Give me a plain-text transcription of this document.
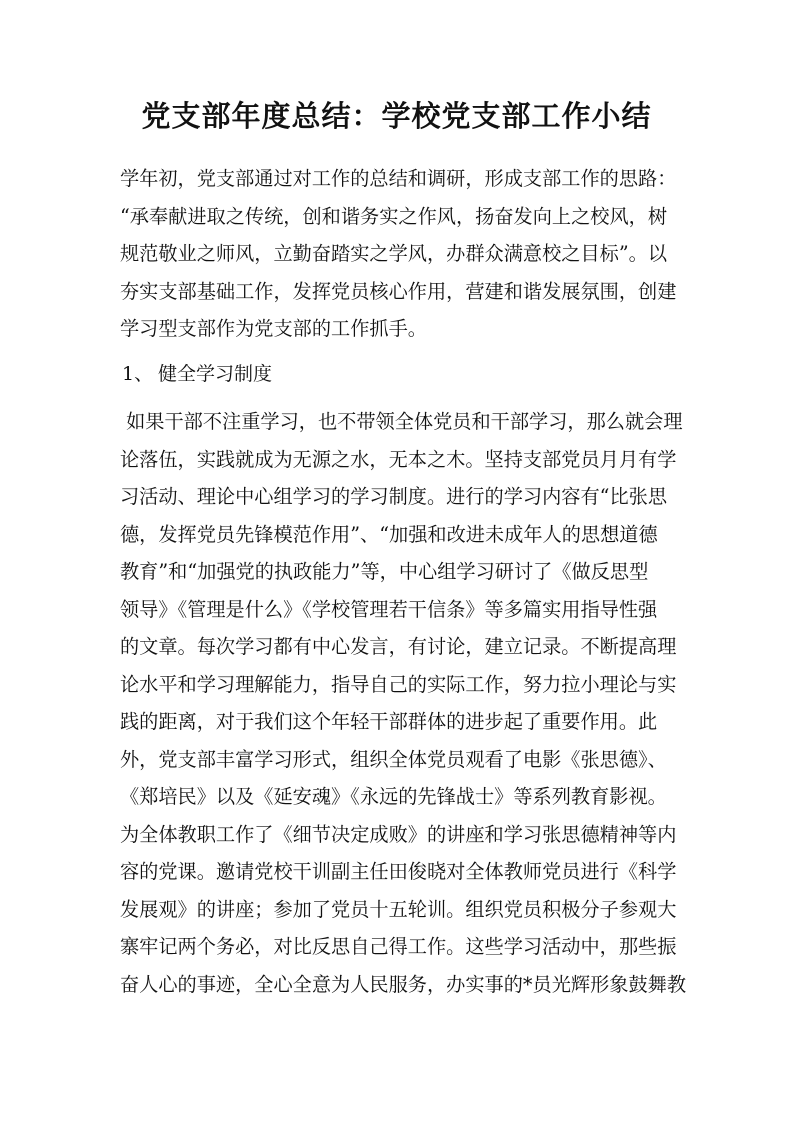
党支部年度总结：学校党支部工作小结
学年初，党支部通过对工作的总结和调研，形成支部工作的思路：
“承奉献进取之传统，创和谐务实之作风，扬奋发向上之校风，树
规范敬业之师风，立勤奋踏实之学风，办群众满意校之目标”。以
夯实支部基础工作，发挥党员核心作用，营建和谐发展氛围，创建
学习型支部作为党支部的工作抓手。
1、 健全学习制度
如果干部不注重学习，也不带领全体党员和干部学习，那么就会理
论落伍，实践就成为无源之水，无本之木。坚持支部党员月月有学
习活动、理论中心组学习的学习制度。进行的学习内容有“比张思
德，发挥党员先锋模范作用”、“加强和改进未成年人的思想道德
教育”和“加强党的执政能力”等，中心组学习研讨了《做反思型
领导》《管理是什么》《学校管理若干信条》等多篇实用指导性强
的文章。每次学习都有中心发言，有讨论，建立记录。不断提高理
论水平和学习理解能力，指导自己的实际工作，努力拉小理论与实
践的距离，对于我们这个年轻干部群体的进步起了重要作用。此
外，党支部丰富学习形式，组织全体党员观看了电影《张思德》、
《郑培民》以及《延安魂》《永远的先锋战士》等系列教育影视。
为全体教职工作了《细节决定成败》的讲座和学习张思德精神等内
容的党课。邀请党校干训副主任田俊晓对全体教师党员进行《科学
发展观》的讲座；参加了党员十五轮训。组织党员积极分子参观大
寨牢记两个务必，对比反思自己得工作。这些学习活动中，那些振
奋人心的事迹，全心全意为人民服务，办实事的*员光辉形象鼓舞教
